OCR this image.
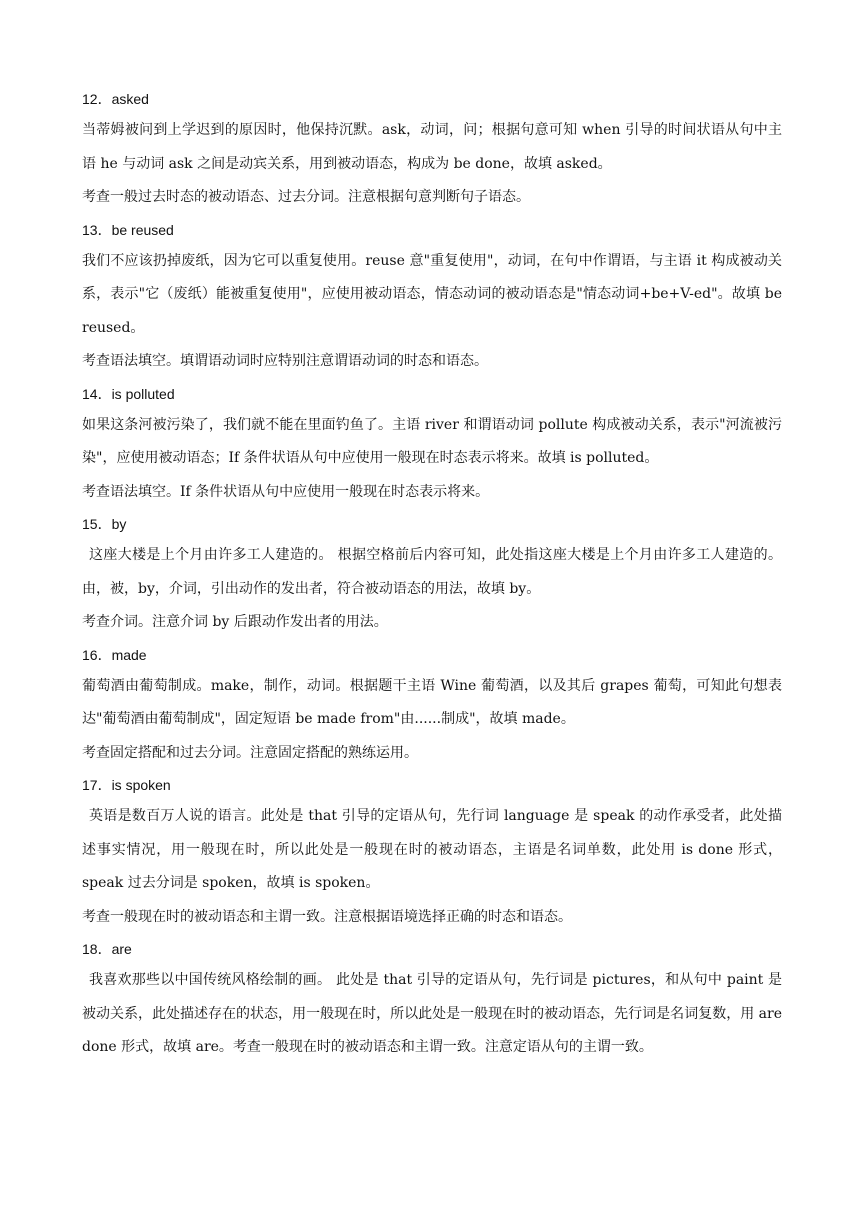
12．asked

当蒂姆被问到上学迟到的原因时，他保持沉默。ask，动词，问；根据句意可知 when 引导的时间状语从句中主语 he 与动词 ask 之间是动宾关系，用到被动语态，构成为 be done，故填 asked。

考查一般过去时态的被动语态、过去分词。注意根据句意判断句子语态。

13．be reused

我们不应该扔掉废纸，因为它可以重复使用。reuse 意"重复使用"，动词，在句中作谓语，与主语 it 构成被动关系，表示"它（废纸）能被重复使用"，应使用被动语态，情态动词的被动语态是"情态动词+be+V-ed"。故填 be reused。

考查语法填空。填谓语动词时应特别注意谓语动词的时态和语态。

14．is polluted

如果这条河被污染了，我们就不能在里面钓鱼了。主语 river 和谓语动词 pollute 构成被动关系，表示"河流被污染"，应使用被动语态；If 条件状语从句中应使用一般现在时态表示将来。故填 is polluted。

考查语法填空。If 条件状语从句中应使用一般现在时态表示将来。

15．by

这座大楼是上个月由许多工人建造的。 根据空格前后内容可知，此处指这座大楼是上个月由许多工人建造的。由，被，by，介词，引出动作的发出者，符合被动语态的用法，故填 by。

考查介词。注意介词 by 后跟动作发出者的用法。

16．made

葡萄酒由葡萄制成。make，制作，动词。根据题干主语 Wine 葡萄酒，以及其后 grapes 葡萄，可知此句想表达"葡萄酒由葡萄制成"，固定短语 be made from"由......制成"，故填 made。

考查固定搭配和过去分词。注意固定搭配的熟练运用。

17．is spoken

英语是数百万人说的语言。此处是 that 引导的定语从句，先行词 language 是 speak 的动作承受者，此处描述事实情况，用一般现在时，所以此处是一般现在时的被动语态，主语是名词单数，此处用 is done 形式，speak 过去分词是 spoken，故填 is spoken。

考查一般现在时的被动语态和主谓一致。注意根据语境选择正确的时态和语态。

18．are

我喜欢那些以中国传统风格绘制的画。 此处是 that 引导的定语从句，先行词是 pictures，和从句中 paint 是 被动关系，此处描述存在的状态，用一般现在时，所以此处是一般现在时的被动语态，先行词是名词复数，用 are done 形式，故填 are。考查一般现在时的被动语态和主谓一致。注意定语从句的主谓一致。
